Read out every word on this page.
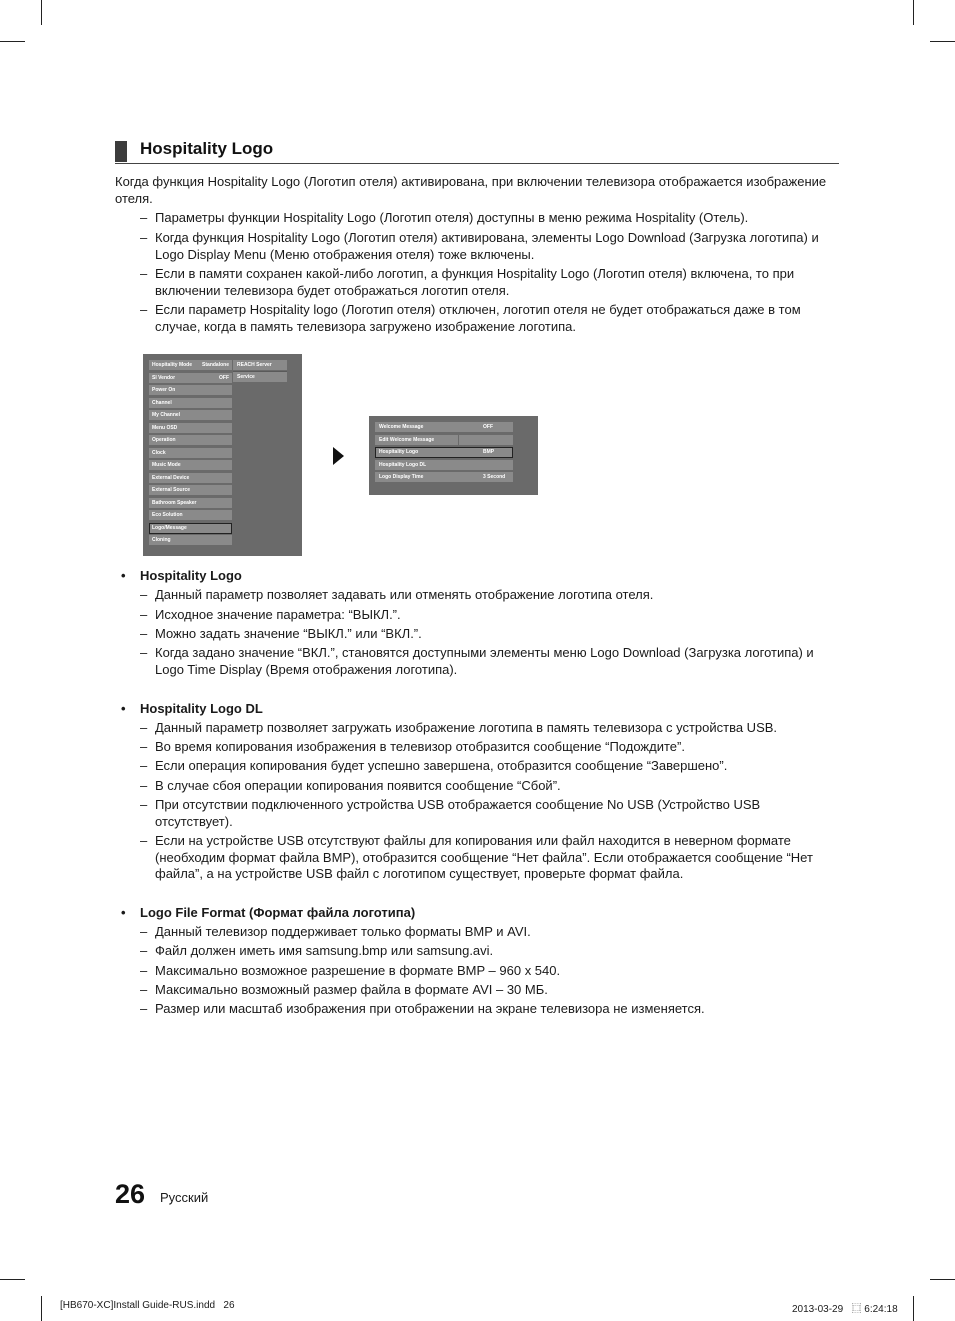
Hospitality Logo
Когда функция Hospitality Logo (Логотип отеля) активирована, при включении телевизора отображается изображение отеля.
– Параметры функции Hospitality Logo (Логотип отеля) доступны в меню режима Hospitality (Отель).
– Когда функция Hospitality Logo (Логотип отеля) активирована, элементы Logo Download (Загрузка логотипа) и Logo Display Menu (Меню отображения отеля) тоже включены.
– Если в памяти сохранен какой-либо логотип, а функция Hospitality Logo (Логотип отеля) включена, то при включении телевизора будет отображаться логотип отеля.
– Если параметр Hospitality logo (Логотип отеля) отключен, логотип отеля не будет отображаться даже в том случае, когда в память телевизора загружено изображение логотипа.
Hospitality Mode Standalone
SI Vendor	OFF
Power On
Channel
My Channel
Menu OSD
Operation
Clock
Music Mode
External Device
External Source
Bathroom Speaker
Eco Solution
Logo/Message
Cloning
REACH Server
Service
Welcome Message	OFF
Edit Welcome Message
Hospitality Logo	BMP
Hospitality Logo DL
Logo Display Time	3 Second
• Hospitality Logo
– Данный параметр позволяет задавать или отменять отображение логотипа отеля.
– Исходное значение параметра: “ВЫКЛ.”.
– Можно задать значение “ВЫКЛ.” или “ВКЛ.”.
– Когда задано значение “ВКЛ.”, становятся доступными элементы меню Logo Download (Загрузка логотипа) и Logo Time Display (Время отображения логотипа).
• Hospitality Logo DL
– Данный параметр позволяет загружать изображение логотипа в память телевизора с устройства USB.
– Во время копирования изображения в телевизор отобразится сообщение “Подождите”.
– Если операция копирования будет успешно завершена, отобразится сообщение “Завершено”.
– В случае сбоя операции копирования появится сообщение “Сбой”.
– При отсутствии подключенного устройства USB отображается сообщение No USB (Устройство USB отсутствует).
– Если на устройстве USB отсутствуют файлы для копирования или файл находится в неверном формате (необходим формат файла BMP), отобразится сообщение “Нет файла”. Если отображается сообщение “Нет файла”, а на устройстве USB файл с логотипом существует, проверьте формат файла.
• Logo File Format (Формат файла логотипа)
– Данный телевизор поддерживает только форматы BMP и AVI.
– Файл должен иметь имя samsung.bmp или samsung.avi.
– Максимально возможное разрешение в формате BMP – 960 x 540.
– Максимально возможный размер файла в формате AVI – 30 МБ.
– Размер или масштаб изображения при отображении на экране телевизора не изменяется.
26 Русский
[HB670-XC]Install Guide-RUS.indd   26	2013-03-29   ⿴ 6:24:18
